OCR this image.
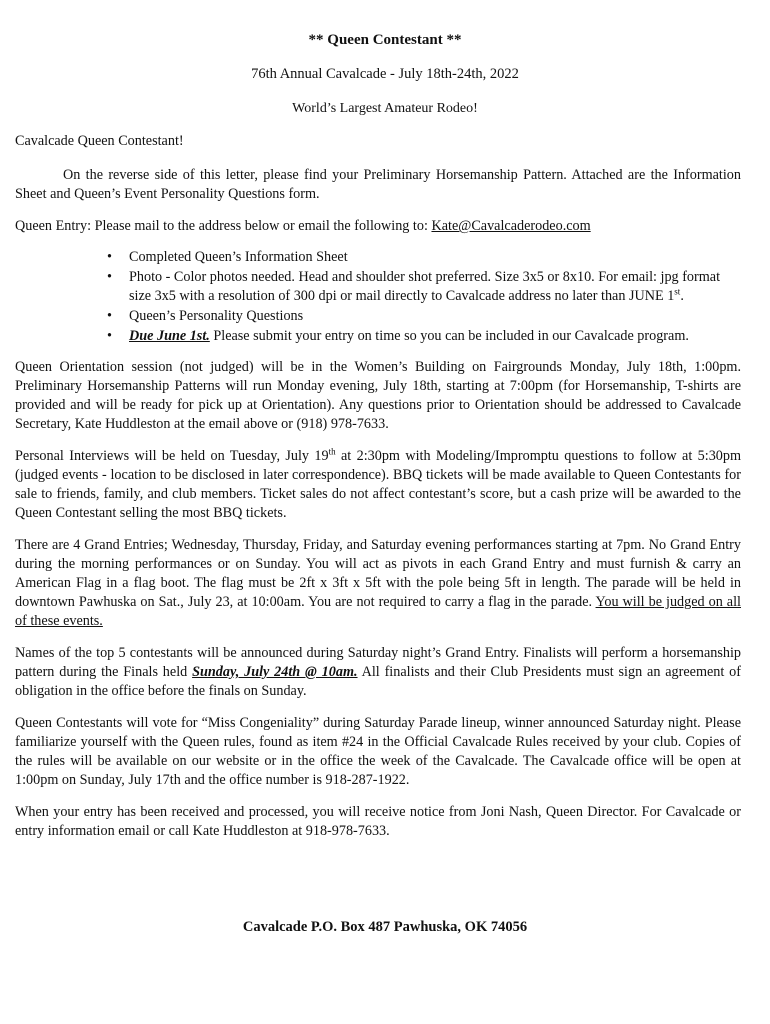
** Queen Contestant **
76th Annual Cavalcade - July 18th-24th, 2022
World’s Largest Amateur Rodeo!

Cavalcade Queen Contestant!

On the reverse side of this letter, please find your Preliminary Horsemanship Pattern. Attached are the Information Sheet and Queen’s Event Personality Questions form.

Queen Entry: Please mail to the address below or email the following to: Kate@Cavalcaderodeo.com

• Completed Queen’s Information Sheet
• Photo - Color photos needed. Head and shoulder shot preferred. Size 3x5 or 8x10. For email: jpg format size 3x5 with a resolution of 300 dpi or mail directly to Cavalcade address no later than JUNE 1st.
• Queen’s Personality Questions
• Due June 1st. Please submit your entry on time so you can be included in our Cavalcade program.

Queen Orientation session (not judged) will be in the Women’s Building on Fairgrounds Monday, July 18th, 1:00pm. Preliminary Horsemanship Patterns will run Monday evening, July 18th, starting at 7:00pm (for Horsemanship, T-shirts are provided and will be ready for pick up at Orientation). Any questions prior to Orientation should be addressed to Cavalcade Secretary, Kate Huddleston at the email above or (918) 978-7633.

Personal Interviews will be held on Tuesday, July 19th at 2:30pm with Modeling/Impromptu questions to follow at 5:30pm (judged events - location to be disclosed in later correspondence). BBQ tickets will be made available to Queen Contestants for sale to friends, family, and club members. Ticket sales do not affect contestant’s score, but a cash prize will be awarded to the Queen Contestant selling the most BBQ tickets.

There are 4 Grand Entries; Wednesday, Thursday, Friday, and Saturday evening performances starting at 7pm. No Grand Entry during the morning performances or on Sunday. You will act as pivots in each Grand Entry and must furnish & carry an American Flag in a flag boot. The flag must be 2ft x 3ft x 5ft with the pole being 5ft in length. The parade will be held in downtown Pawhuska on Sat., July 23, at 10:00am. You are not required to carry a flag in the parade. You will be judged on all of these events.

Names of the top 5 contestants will be announced during Saturday night’s Grand Entry. Finalists will perform a horsemanship pattern during the Finals held Sunday, July 24th @ 10am. All finalists and their Club Presidents must sign an agreement of obligation in the office before the finals on Sunday.

Queen Contestants will vote for “Miss Congeniality” during Saturday Parade lineup, winner announced Saturday night. Please familiarize yourself with the Queen rules, found as item #24 in the Official Cavalcade Rules received by your club. Copies of the rules will be available on our website or in the office the week of the Cavalcade. The Cavalcade office will be open at 1:00pm on Sunday, July 17th and the office number is 918-287-1922.

When your entry has been received and processed, you will receive notice from Joni Nash, Queen Director. For Cavalcade or entry information email or call Kate Huddleston at 918-978-7633.

Cavalcade P.O. Box 487 Pawhuska, OK 74056
